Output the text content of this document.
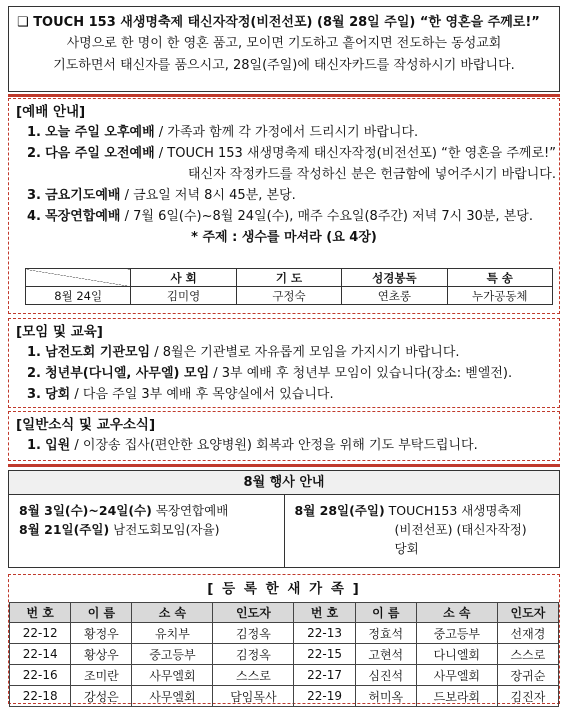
❑ TOUCH 153 새생명축제 태신자작정(비전선포) (8월 28일 주일) “한 영혼을 주께로!”
사명으로 한 명이 한 영혼 품고, 모이면 기도하고 흩어지면 전도하는 동성교회
기도하면서 태신자를 품으시고, 28일(주일)에 태신자카드를 작성하시기 바랍니다.
[예배 안내]
1. 오늘 주일 오후예배 / 가족과 함께 각 가정에서 드리시기 바랍니다.
2. 다음 주일 오전예배 / TOUCH 153 새생명축제 태신자작정(비전선포) “한 영혼을 주께로!”
태신자 작정카드를 작성하신 분은 헌금함에 넣어주시기 바랍니다.
3. 금요기도예배 / 금요일 저녁 8시 45분, 본당.
4. 목장연합예배 / 7월 6일(수)~8월 24일(수), 매주 수요일(8주간) 저녁 7시 30분, 본당.
* 주제 : 생수를 마셔라 (요 4장)
	사 회	기 도	성경봉독	특 송
8월 24일	김미영	구정숙	연초롱	누가공동체
[모임 및 교육]
1. 남전도회 기관모임 / 8월은 기관별로 자유롭게 모임을 가지시기 바랍니다.
2. 청년부(다니엘, 사무엘) 모임 / 3부 예배 후 청년부 모임이 있습니다(장소: 벧엘전).
3. 당회 / 다음 주일 3부 예배 후 목양실에서 있습니다.
[일반소식 및 교우소식]
1. 입원 / 이장송 집사(편안한 요양병원) 회복과 안정을 위해 기도 부탁드립니다.
8월 행사 안내
8월 3일(수)~24일(수) 목장연합예배
8월 21일(주일) 남전도회모임(자율)
8월 28일(주일) TOUCH153 새생명축제
(비전선포) (태신자작정)
당회
[ 등 록 한 새 가 족 ]
번 호	이 름	소 속	인도자	번 호	이 름	소 속	인도자
22-12	황정우	유치부	김정옥	22-13	정효석	중고등부	선재경
22-14	황상우	중고등부	김정옥	22-15	고현석	다니엘회	스스로
22-16	조미란	사무엘회	스스로	22-17	심진석	사무엘회	장귀순
22-18	강성은	사무엘회	담임목사	22-19	허미옥	드보라회	김진자
